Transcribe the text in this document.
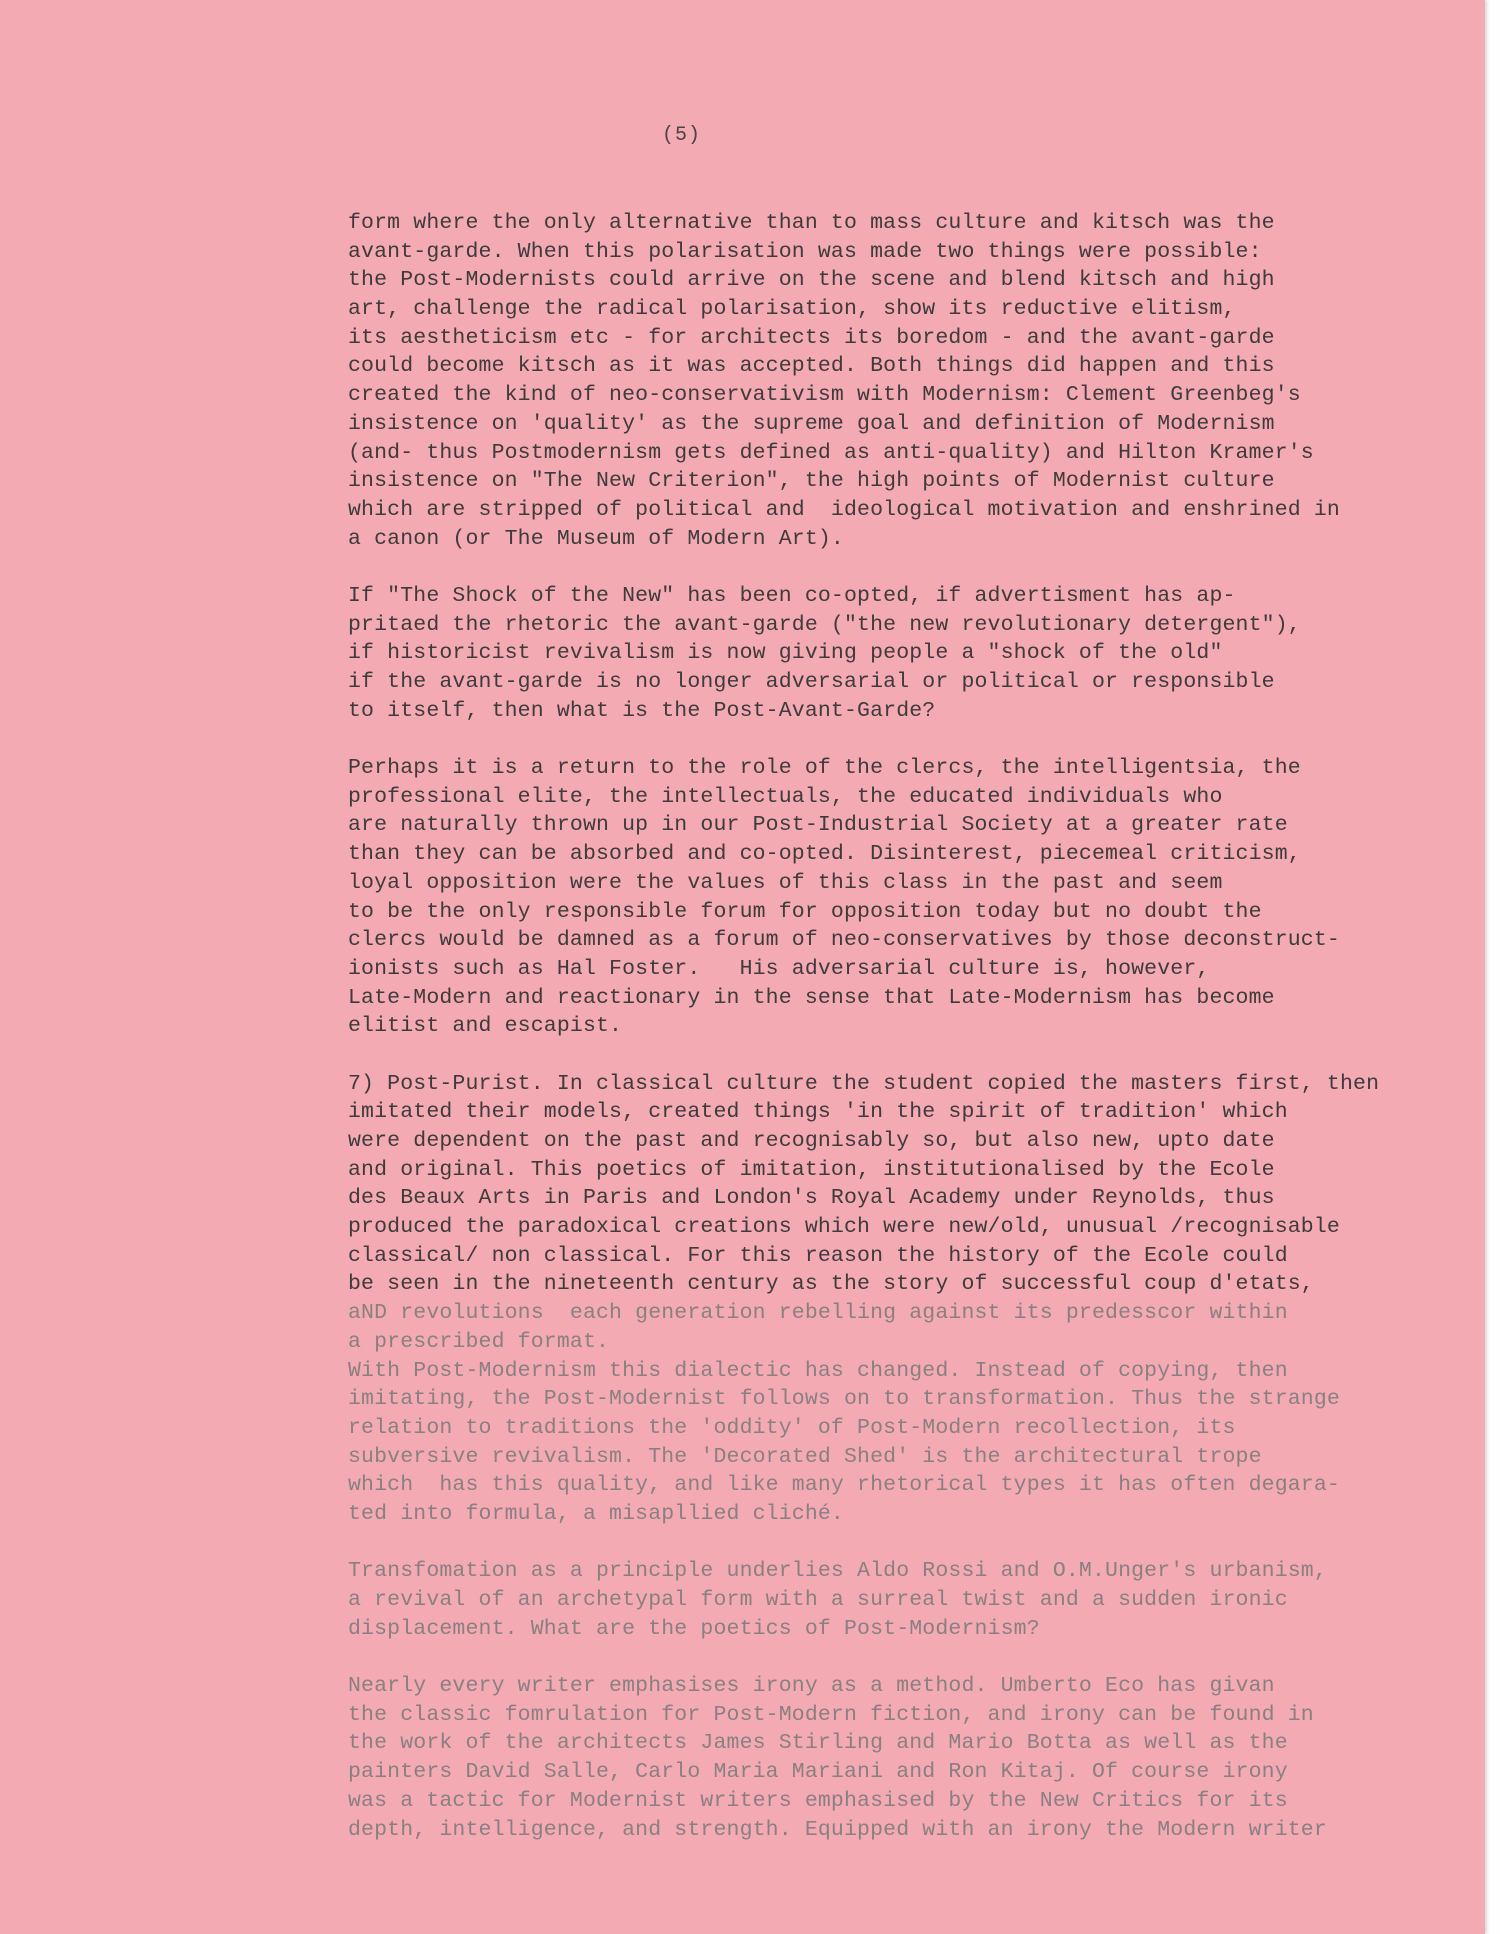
(5)
form where the only alternative than to mass culture and kitsch was the
avant-garde. When this polarisation was made two things were possible:
the Post-Modernists could arrive on the scene and blend kitsch and high
art, challenge the radical polarisation, show its reductive elitism,
its aestheticism etc - for architects its boredom - and the avant-garde
could become kitsch as it was accepted. Both things did happen and this
created the kind of neo-conservativism with Modernism: Clement Greenbeg's
insistence on 'quality' as the supreme goal and definition of Modernism
(and- thus Postmodernism gets defined as anti-quality) and Hilton Kramer's
insistence on "The New Criterion", the high points of Modernist culture
which are stripped of political and  ideological motivation and enshrined in
a canon (or The Museum of Modern Art).
If "The Shock of the New" has been co-opted, if advertisment has ap-
pritaed the rhetoric the avant-garde ("the new revolutionary detergent"),
if historicist revivalism is now giving people a "shock of the old"
if the avant-garde is no longer adversarial or political or responsible
to itself, then what is the Post-Avant-Garde?
Perhaps it is a return to the role of the clercs, the intelligentsia, the
professional elite, the intellectuals, the educated individuals who
are naturally thrown up in our Post-Industrial Society at a greater rate
than they can be absorbed and co-opted. Disinterest, piecemeal criticism,
loyal opposition were the values of this class in the past and seem
to be the only responsible forum for opposition today but no doubt the
clercs would be damned as a forum of neo-conservatives by those deconstruct-
ionists such as Hal Foster.   His adversarial culture is, however,
Late-Modern and reactionary in the sense that Late-Modernism has become
elitist and escapist.
7) Post-Purist. In classical culture the student copied the masters first, then
imitated their models, created things 'in the spirit of tradition' which
were dependent on the past and recognisably so, but also new, upto date
and original. This poetics of imitation, institutionalised by the Ecole
des Beaux Arts in Paris and London's Royal Academy under Reynolds, thus
produced the paradoxical creations which were new/old, unusual /recognisable
classical/ non classical. For this reason the history of the Ecole could
be seen in the nineteenth century as the story of successful coup d'etats,
aND revolutions  each generation rebelling against its predesscor within
a prescribed format.
With Post-Modernism this dialectic has changed. Instead of copying, then
imitating, the Post-Modernist follows on to transformation. Thus the strange
relation to traditions the 'oddity' of Post-Modern recollection, its
subversive revivalism. The 'Decorated Shed' is the architectural trope
which  has this quality, and like many rhetorical types it has often degara-
ted into formula, a misapllied cliché.
Transfomation as a principle underlies Aldo Rossi and O.M.Unger's urbanism,
a revival of an archetypal form with a surreal twist and a sudden ironic
displacement. What are the poetics of Post-Modernism?
Nearly every writer emphasises irony as a method. Umberto Eco has givan
the classic fomrulation for Post-Modern fiction, and irony can be found in
the work of the architects James Stirling and Mario Botta as well as the
painters David Salle, Carlo Maria Mariani and Ron Kitaj. Of course irony
was a tactic for Modernist writers emphasised by the New Critics for its
depth, intelligence, and strength. Equipped with an irony the Modern writer
